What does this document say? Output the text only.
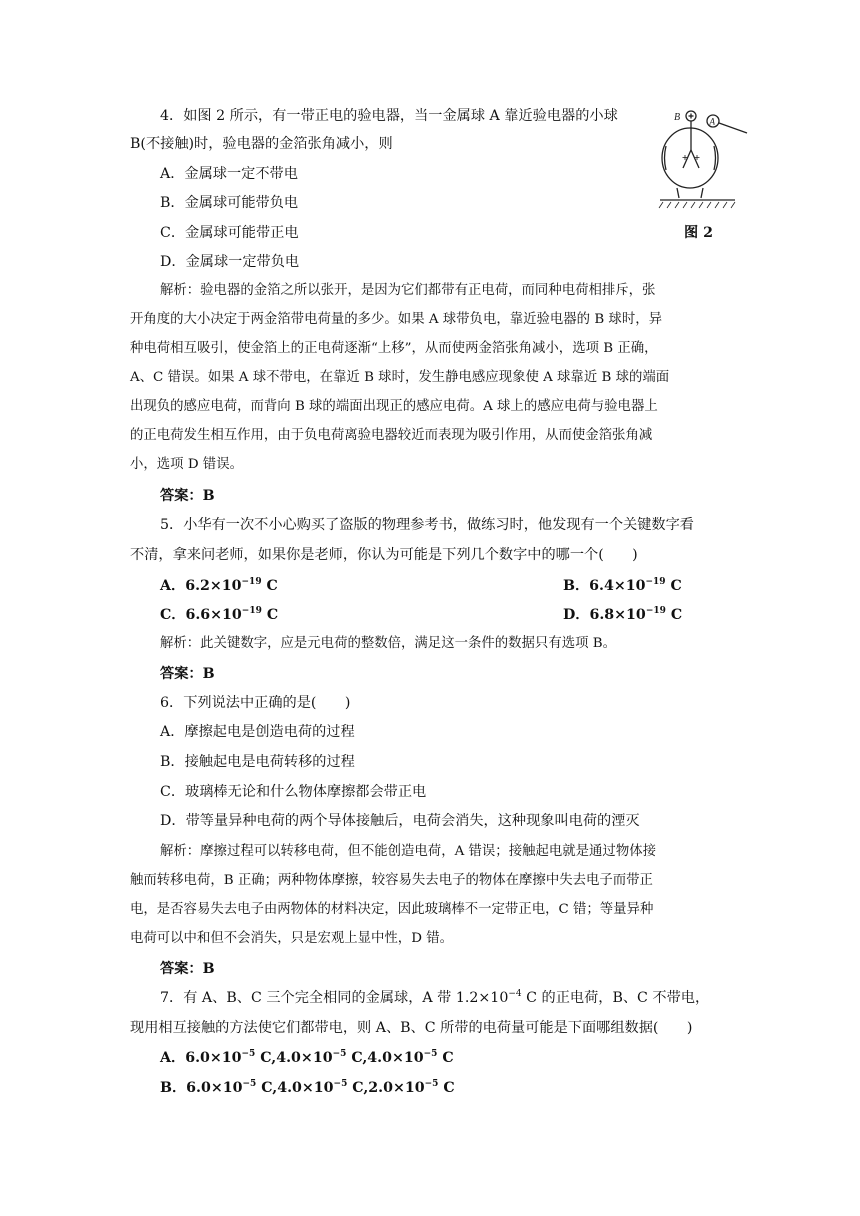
4．如图 2 所示，有一带正电的验电器，当一金属球 A 靠近验电器的小球
B(不接触)时，验电器的金箔张角减小，则
A．金属球一定不带电
B．金属球可能带负电
C．金属球可能带正电
D．金属球一定带负电
B	A
图 2
解析：验电器的金箔之所以张开，是因为它们都带有正电荷，而同种电荷相排斥，张
开角度的大小决定于两金箔带电荷量的多少。如果 A 球带负电，靠近验电器的 B 球时，异
种电荷相互吸引，使金箔上的正电荷逐渐“上移”，从而使两金箔张角减小，选项 B 正确，
A、C 错误。如果 A 球不带电，在靠近 B 球时，发生静电感应现象使 A 球靠近 B 球的端面
出现负的感应电荷，而背向 B 球的端面出现正的感应电荷。A 球上的感应电荷与验电器上
的正电荷发生相互作用，由于负电荷离验电器较近而表现为吸引作用，从而使金箔张角减
小，选项 D 错误。
答案：B
5．小华有一次不小心购买了盗版的物理参考书，做练习时，他发现有一个关键数字看
不清，拿来问老师，如果你是老师，你认为可能是下列几个数字中的哪一个(　　)
A．$6.2\times 10^{-19}$ C	B．$6.4\times 10^{-19}$ C
C．$6.6\times 10^{-19}$ C	D．$6.8\times 10^{-19}$ C
解析：此关键数字，应是元电荷的整数倍，满足这一条件的数据只有选项 B。
答案：B
6．下列说法中正确的是(　　)
A．摩擦起电是创造电荷的过程
B．接触起电是电荷转移的过程
C．玻璃棒无论和什么物体摩擦都会带正电
D．带等量异种电荷的两个导体接触后，电荷会消失，这种现象叫电荷的湮灭
解析：摩擦过程可以转移电荷，但不能创造电荷，A 错误；接触起电就是通过物体接
触而转移电荷，B 正确；两种物体摩擦，较容易失去电子的物体在摩擦中失去电子而带正
电，是否容易失去电子由两物体的材料决定，因此玻璃棒不一定带正电，C 错；等量异种
电荷可以中和但不会消失，只是宏观上显中性，D 错。
答案：B
7．有 A、B、C 三个完全相同的金属球，A 带 $1.2\times 10^{-4}$ C 的正电荷，B、C 不带电，
现用相互接触的方法使它们都带电，则 A、B、C 所带的电荷量可能是下面哪组数据(　　)
A．$6.0\times 10^{-5}$ $C,4.0\times 10^{-5}$ $C,4.0\times 10^{-5}$ C
B．$6.0\times 10^{-5}$ $C,4.0\times 10^{-5}$ $C,2.0\times 10^{-5}$ C
